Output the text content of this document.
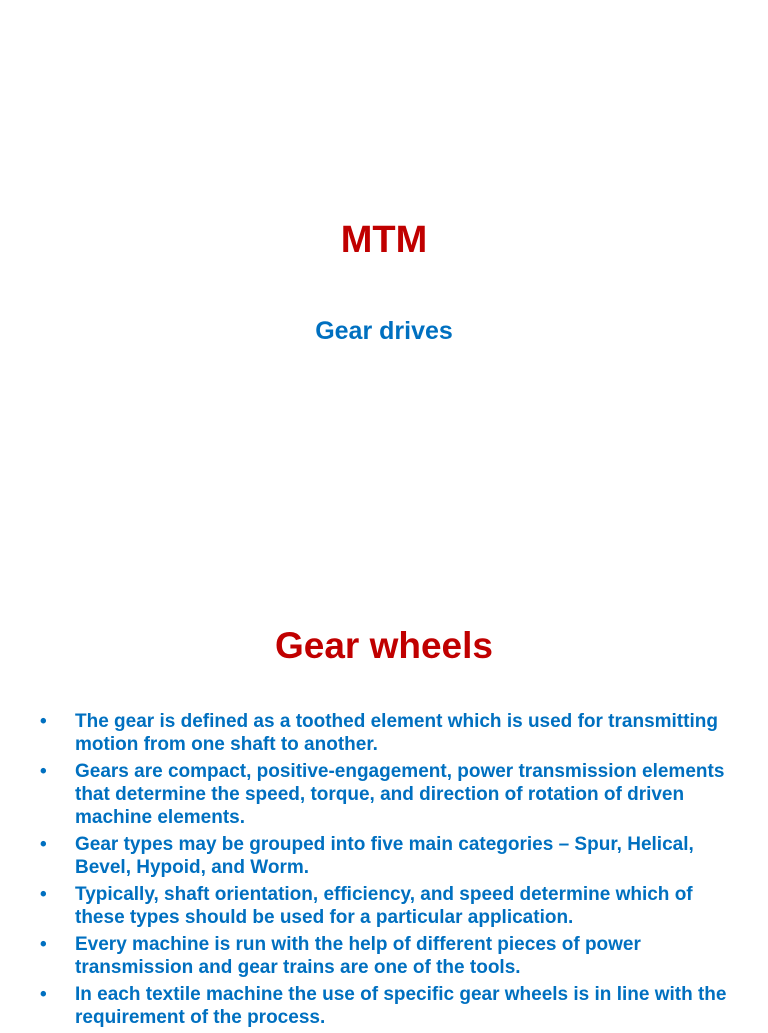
MTM
Gear drives
Gear wheels
• The gear is defined as a toothed element which is used for transmitting motion from one shaft to another.
• Gears are compact, positive-engagement, power transmission elements that determine the speed, torque, and direction of rotation of driven machine elements.
• Gear types may be grouped into five main categories – Spur, Helical, Bevel, Hypoid, and Worm.
• Typically, shaft orientation, efficiency, and speed determine which of these types should be used for a particular application.
• Every machine is run with the help of different pieces of power transmission and gear trains are one of the tools.
• In each textile machine the use of specific gear wheels is in line with the requirement of the process.
